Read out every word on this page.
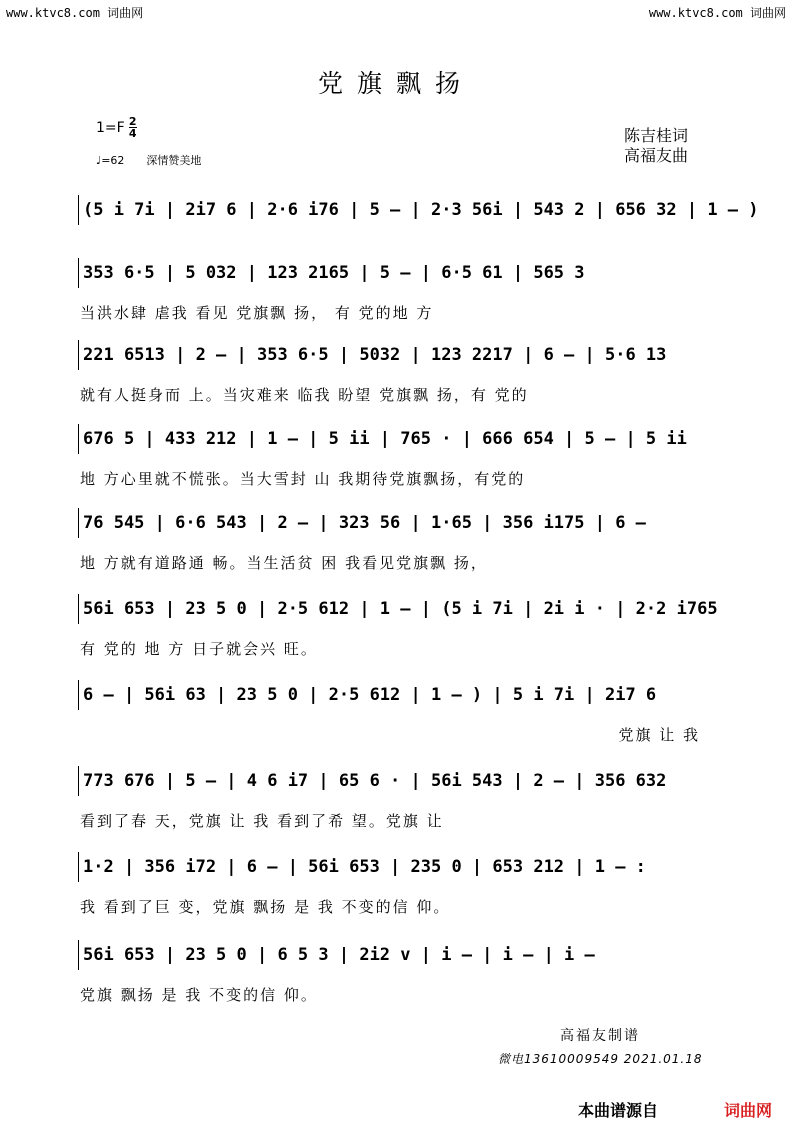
www.ktvc8.com 词曲网	www.ktvc8.com 词曲网
党旗飘扬
$1=F \frac{2}{4}$
♩=62 深情赞美地
陈吉桂词
高福友曲
(5 i 7i | 2i7 6 | 2·6 i76 | 5 – | 2·3 56i | 543 2 | 656 32 | 1 – )
353 6·5 | 5 032 | 123 2165 | 5 – | 6·5 61 | 565 3
当洪水肆 虐我 看见 党旗飘 扬， 有 党的地 方
221 6513 | 2 – | 353 6·5 | 5032 | 123 2217 | 6 – | 5·6 13
就有人挺身而 上。当灾难来 临我 盼望 党旗飘 扬，有 党的
676 5 | 433 212 | 1 – | 5 ii | 765 · | 666 654 | 5 – | 5 ii
地 方心里就不慌张。当大雪封 山 我期待党旗飘扬，有党的
76 545 | 6·6 543 | 2 – | 323 56 | 1·65 | 356 i175 | 6 –
地 方就有道路通 畅。当生活贫 困 我看见党旗飘 扬，
56i 653 | 23 5 0 | 2·5 612 | 1 – | (5 i 7i | 2i i · | 2·2 i765
有 党的 地 方 日子就会兴 旺。
6 – | 56i 63 | 23 5 0 | 2·5 612 | 1 – ) | 5 i 7i | 2i7 6
党旗 让 我
773 676 | 5 – | 4 6 i7 | 65 6 · | 56i 543 | 2 – | 356 632
看到了春 天，党旗 让 我 看到了希 望。党旗 让
1·2 | 356 i72 | 6 – | 56i 653 | 235 0 | 653 212 | 1 – :
我 看到了巨 变，党旗 飘扬 是 我 不变的信 仰。
56i 653 | 23 5 0 | 6 5 3 | 2i2 v | i – | i – | i –
党旗 飘扬 是 我 不变的信 仰。
高福友制谱
微电13610009549 2021.01.18
本曲谱源自	词曲网
